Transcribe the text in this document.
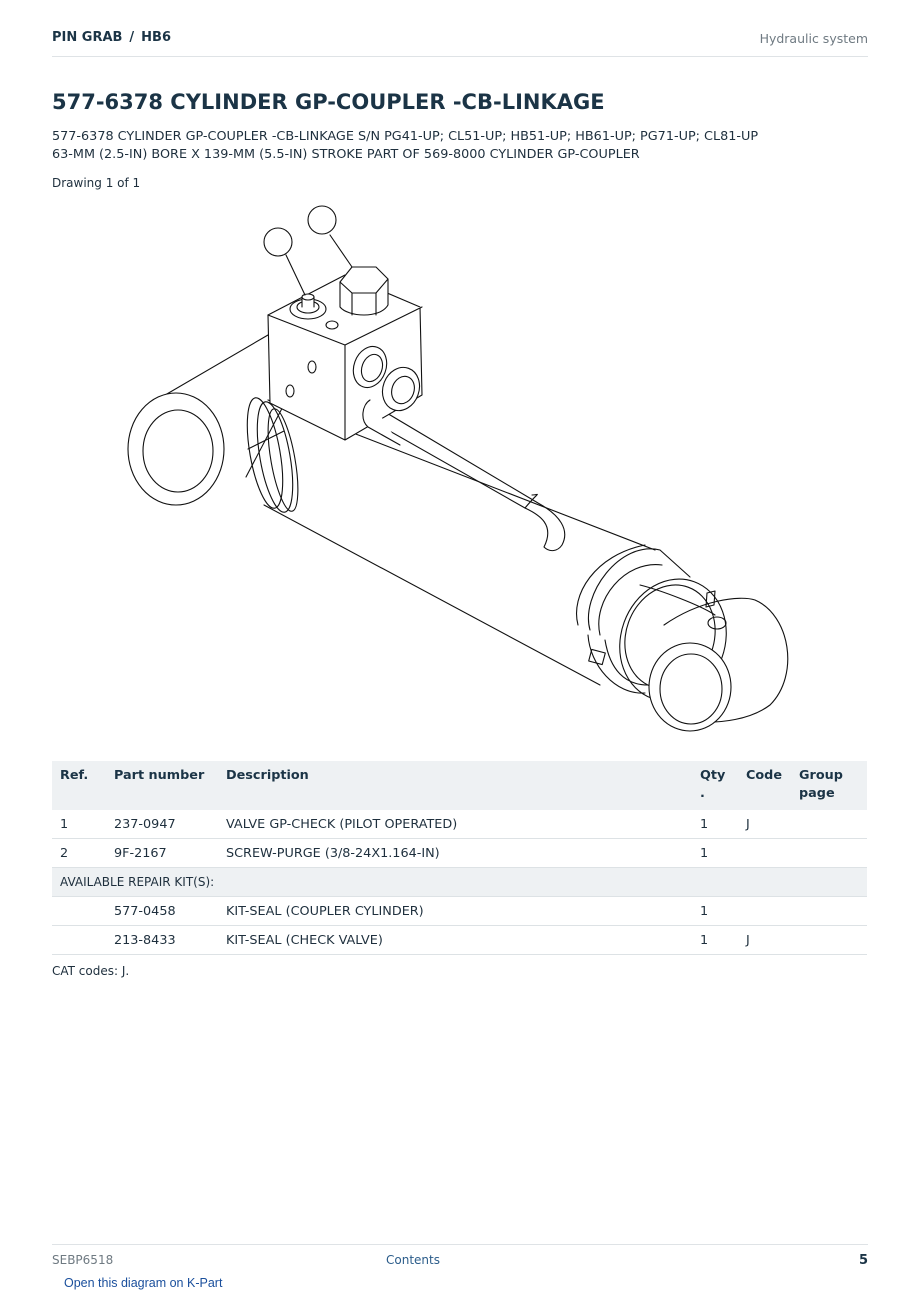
PIN GRAB / HB6	Hydraulic system
577-6378 CYLINDER GP-COUPLER -CB-LINKAGE
577-6378 CYLINDER GP-COUPLER -CB-LINKAGE S/N PG41-UP; CL51-UP; HB51-UP; HB61-UP; PG71-UP; CL81-UP
63-MM (2.5-IN) BORE X 139-MM (5.5-IN) STROKE PART OF 569-8000 CYLINDER GP-COUPLER
Drawing 1 of 1
Ref.	Part number	Description	Qty .	Code	Group page
1	237-0947	VALVE GP-CHECK (PILOT OPERATED)	1	J	
2	9F-2167	SCREW-PURGE (3/8-24X1.164-IN)	1		
AVAILABLE REPAIR KIT(S):					
	577-0458	KIT-SEAL (COUPLER CYLINDER)	1		
	213-8433	KIT-SEAL (CHECK VALVE)	1	J	
CAT codes: J.
SEBP6518	Contents	5
Open this diagram on K-Part
